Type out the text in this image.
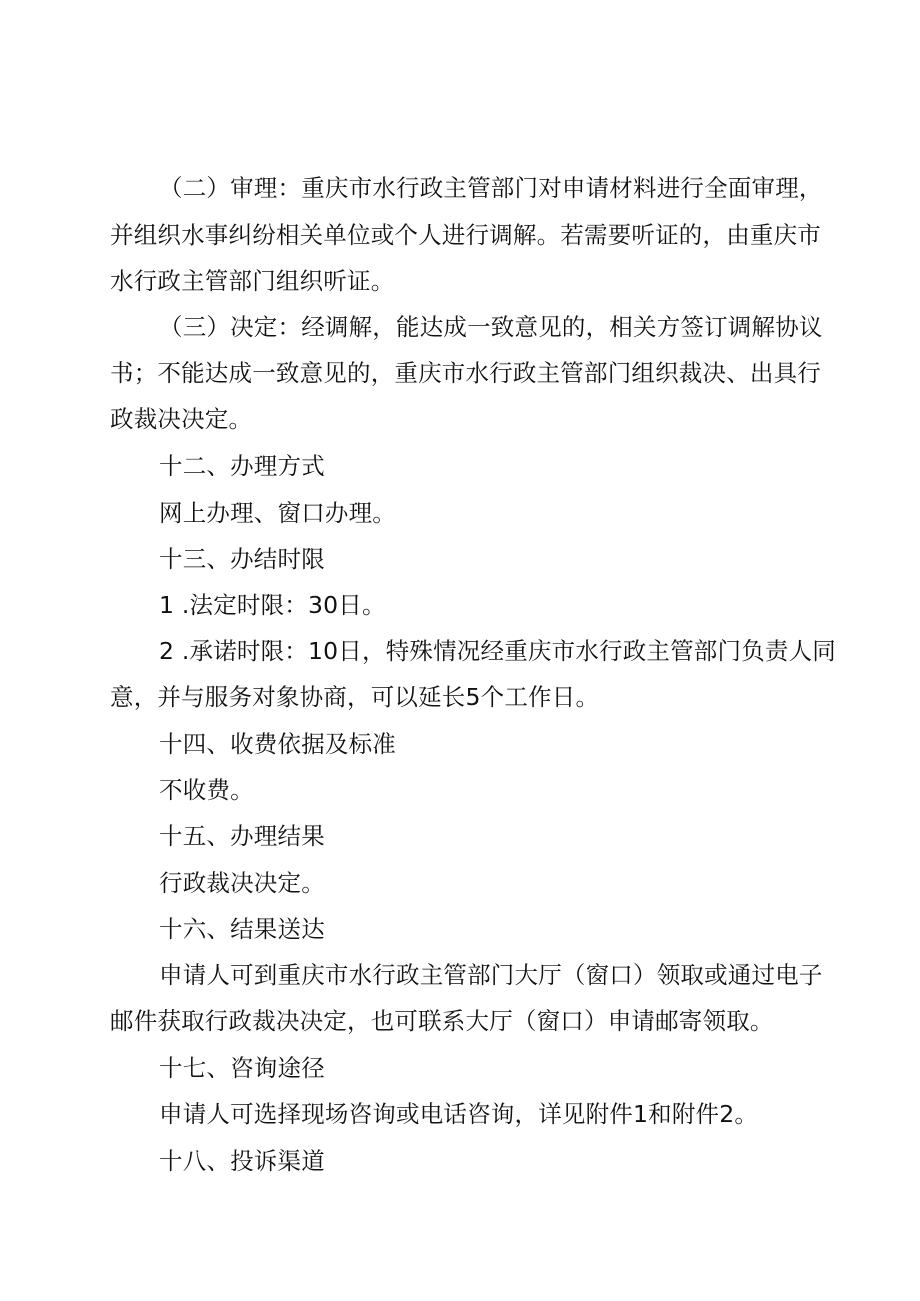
（二）审理：重庆市水行政主管部门对申请材料进行全面审理，
并组织水事纠纷相关单位或个人进行调解。若需要听证的，由重庆市
水行政主管部门组织听证。
（三）决定：经调解，能达成一致意见的，相关方签订调解协议
书；不能达成一致意见的，重庆市水行政主管部门组织裁决、出具行
政裁决决定。
十二、办理方式
网上办理、窗口办理。
十三、办结时限
1 .法定时限：30日。
2 .承诺时限：10日，特殊情况经重庆市水行政主管部门负责人同
意，并与服务对象协商，可以延长5个工作日。
十四、收费依据及标准
不收费。
十五、办理结果
行政裁决决定。
十六、结果送达
申请人可到重庆市水行政主管部门大厅（窗口）领取或通过电子
邮件获取行政裁决决定，也可联系大厅（窗口）申请邮寄领取。
十七、咨询途径
申请人可选择现场咨询或电话咨询，详见附件1和附件2。
十八、投诉渠道
